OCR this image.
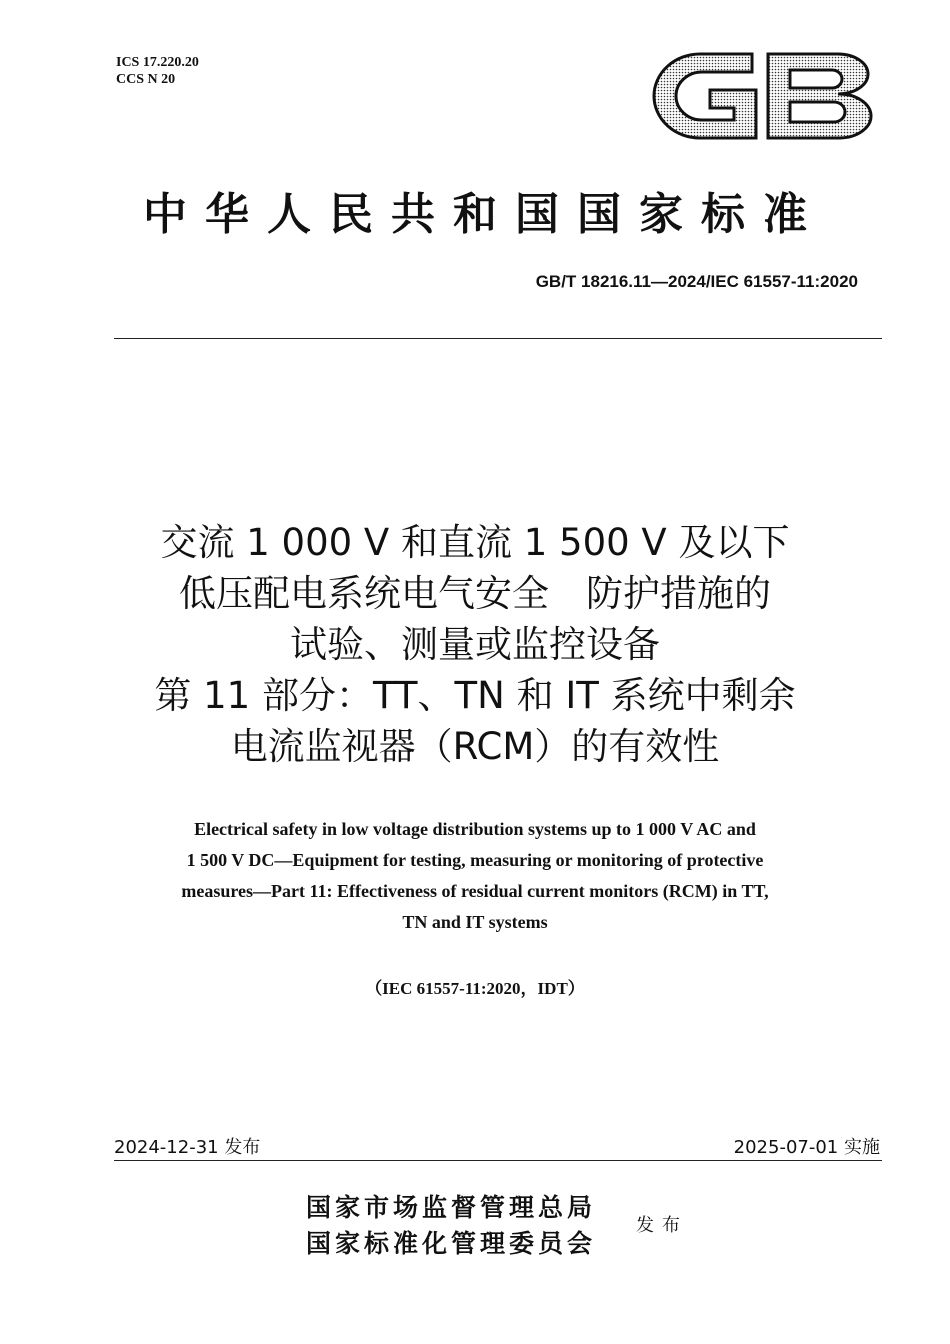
ICS 17.220.20
CCS N 20
中华人民共和国国家标准
GB/T 18216.11—2024/IEC 61557-11:2020
交流 1 000 V 和直流 1 500 V 及以下
低压配电系统电气安全　防护措施的
试验、测量或监控设备
第 11 部分：TT、TN 和 IT 系统中剩余
电流监视器（RCM）的有效性
Electrical safety in low voltage distribution systems up to 1 000 V AC and
1 500 V DC—Equipment for testing, measuring or monitoring of protective
measures—Part 11: Effectiveness of residual current monitors (RCM) in TT,
TN and IT systems
（IEC 61557-11:2020，IDT）
2024-12-31 发布	2025-07-01 实施
国家市场监督管理总局
国家标准化管理委员会
发布
